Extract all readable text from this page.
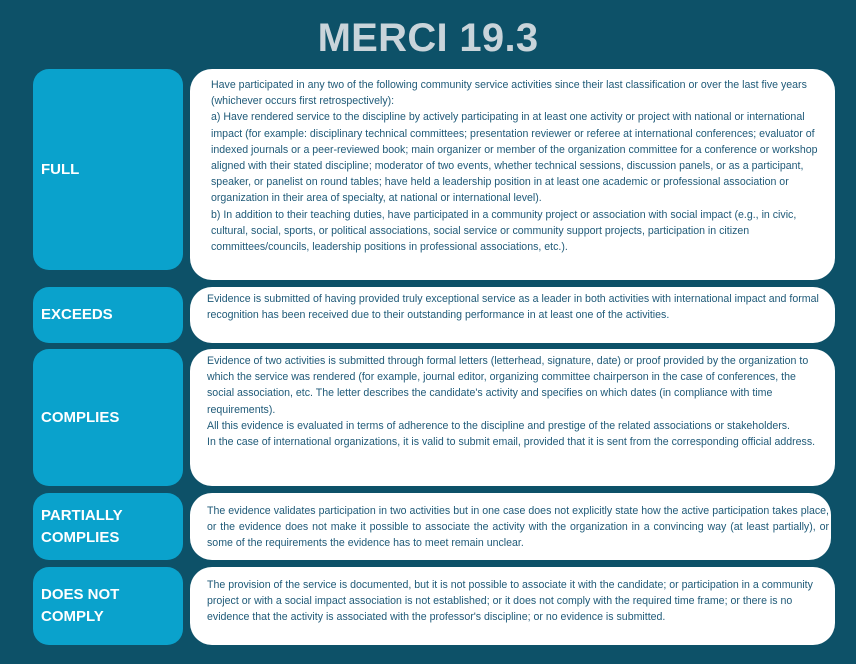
MERCI 19.3
FULL
Have participated in any two of the following community service activities since their last classification or over the last five years (whichever occurs first retrospectively):
a) Have rendered service to the discipline by actively participating in at least one activity or project with national or international impact (for example: disciplinary technical committees; presentation reviewer or referee at international conferences; evaluator of indexed journals or a peer-reviewed book; main organizer or member of the organization committee for a conference or workshop aligned with their stated discipline; moderator of two events, whether technical sessions, discussion panels, or as a participant, speaker, or panelist on round tables; have held a leadership position in at least one academic or professional association or organization in their area of specialty, at national or international level).
b) In addition to their teaching duties, have participated in a community project or association with social impact (e.g., in civic, cultural, social, sports, or political associations, social service or community support projects, participation in citizen committees/councils, leadership positions in professional associations, etc.).
EXCEEDS
Evidence is submitted of having provided truly exceptional service as a leader in both activities with international impact and formal recognition has been received due to their outstanding performance in at least one of the activities.
COMPLIES
Evidence of two activities is submitted through formal letters (letterhead, signature, date) or proof provided by the organization to which the service was rendered (for example, journal editor, organizing committee chairperson in the case of conferences, the social association, etc. The letter describes the candidate's activity and specifies on which dates (in compliance with time requirements).
All this evidence is evaluated in terms of adherence to the discipline and prestige of the related associations or stakeholders.
In the case of international organizations, it is valid to submit email, provided that it is sent from the corresponding official address.
PARTIALLY COMPLIES
The evidence validates participation in two activities but in one case does not explicitly state how the active participation takes place, or the evidence does not make it possible to associate the activity with the organization in a convincing way (at least partially), or some of the requirements the evidence has to meet remain unclear.
DOES NOT COMPLY
The provision of the service is documented, but it is not possible to associate it with the candidate; or participation in a community project or with a social impact association is not established; or it does not comply with the required time frame; or there is no evidence that the activity is associated with the professor's discipline; or no evidence is submitted.
